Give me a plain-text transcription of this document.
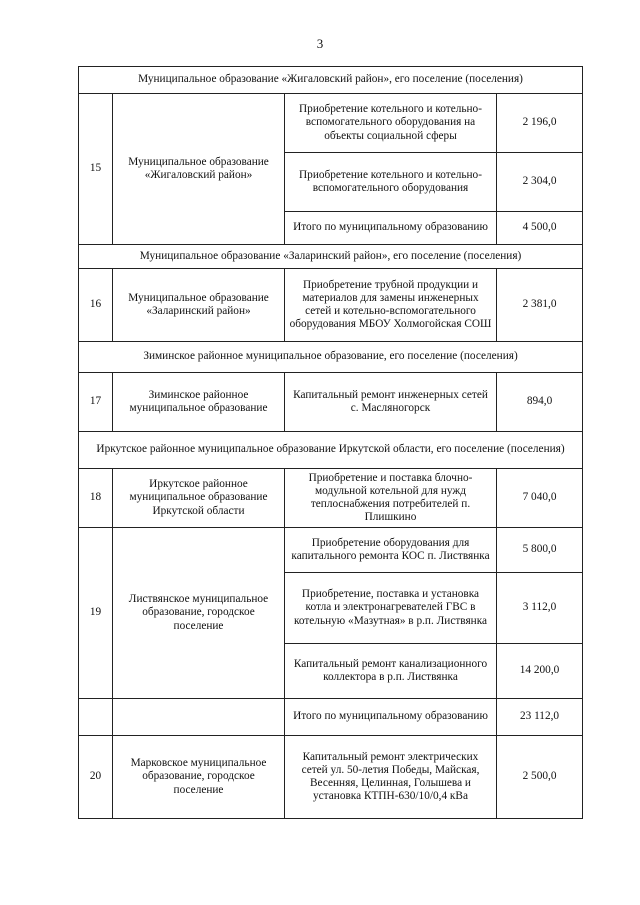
3
Муниципальное образование «Жигаловский район», его поселение (поселения)			
15	Муниципальное образование «Жигаловский район»	Приобретение котельного и котельно-вспомогательного оборудования на объекты социальной сферы	2 196,0
		Приобретение котельного и котельно-вспомогательного оборудования	2 304,0
		Итого по муниципальному образованию	4 500,0
Муниципальное образование «Заларинский район», его поселение (поселения)			
16	Муниципальное образование «Заларинский район»	Приобретение трубной продукции и материалов для замены инженерных сетей и котельно-вспомогательного оборудования МБОУ Холмогойская СОШ	2 381,0
Зиминское районное муниципальное образование, его поселение (поселения)			
17	Зиминское районное муниципальное образование	Капитальный ремонт инженерных сетей с. Масляногорск	894,0
Иркутское районное муниципальное образование Иркутской области, его поселение (поселения)			
18	Иркутское районное муниципальное образование Иркутской области	Приобретение и поставка блочно-модульной котельной для нужд теплоснабжения потребителей п. Плишкино	7 040,0
19	Листвянское муниципальное образование, городское поселение	Приобретение оборудования для капитального ремонта КОС п. Листвянка	5 800,0
		Приобретение, поставка и установка котла и электронагревателей ГВС в котельную «Мазутная» в р.п. Листвянка	3 112,0
		Капитальный ремонт канализационного коллектора в р.п. Листвянка	14 200,0
		Итого по муниципальному образованию	23 112,0
20	Марковское муниципальное образование, городское поселение	Капитальный ремонт электрических сетей ул. 50-летия Победы, Майская, Весенняя, Целинная, Голышева и установка КТПН-630/10/0,4 кВа	2 500,0
